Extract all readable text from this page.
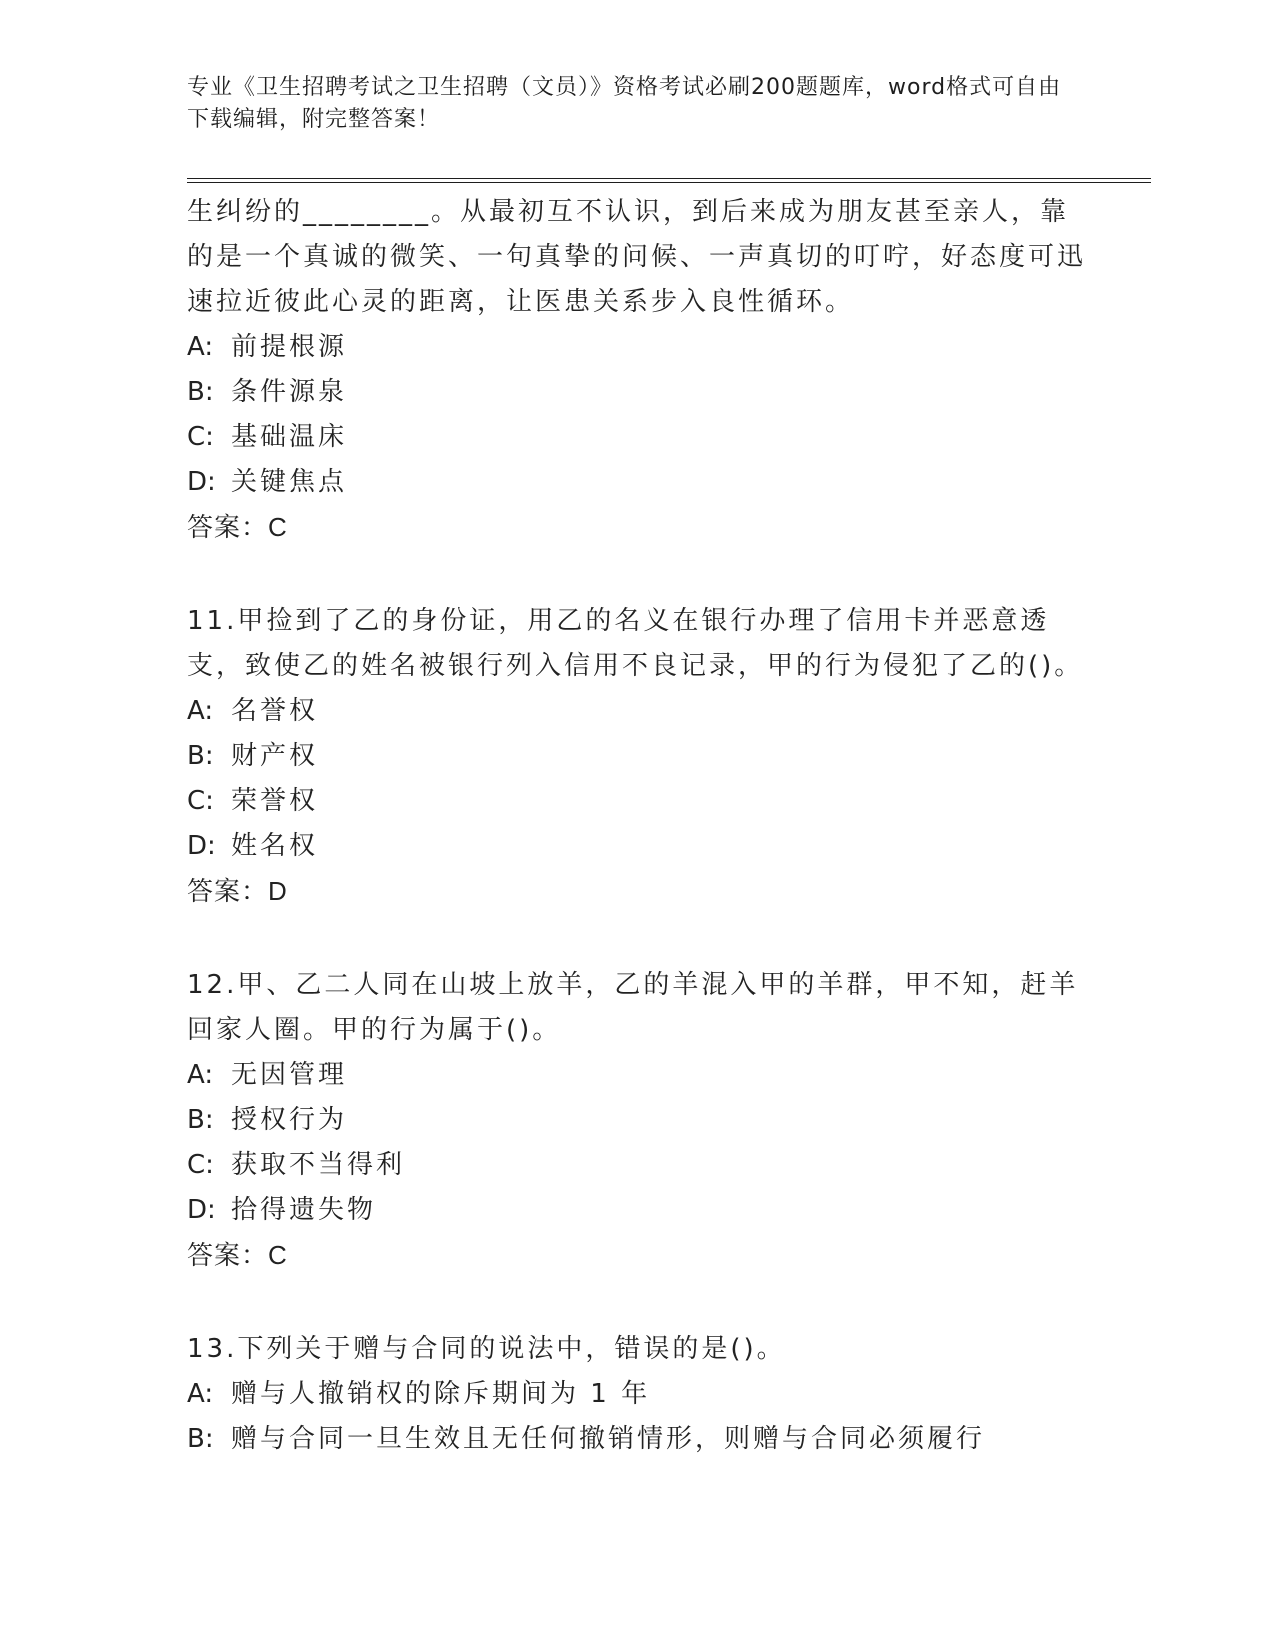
专业《卫生招聘考试之卫生招聘（文员）》资格考试必刷200题题库，word格式可自由下载编辑，附完整答案！
生纠纷的________。从最初互不认识，到后来成为朋友甚至亲人，靠的是一个真诚的微笑、一句真挚的问候、一声真切的叮咛，好态度可迅速拉近彼此心灵的距离，让医患关系步入良性循环。
A: 前提根源
B: 条件源泉
C: 基础温床
D: 关键焦点
答案：C
11.甲捡到了乙的身份证，用乙的名义在银行办理了信用卡并恶意透支，致使乙的姓名被银行列入信用不良记录，甲的行为侵犯了乙的()。
A: 名誉权
B: 财产权
C: 荣誉权
D: 姓名权
答案：D
12.甲、乙二人同在山坡上放羊，乙的羊混入甲的羊群，甲不知，赶羊回家人圈。甲的行为属于()。
A: 无因管理
B: 授权行为
C: 获取不当得利
D: 拾得遗失物
答案：C
13.下列关于赠与合同的说法中，错误的是()。
A: 赠与人撤销权的除斥期间为 1 年
B: 赠与合同一旦生效且无任何撤销情形，则赠与合同必须履行
